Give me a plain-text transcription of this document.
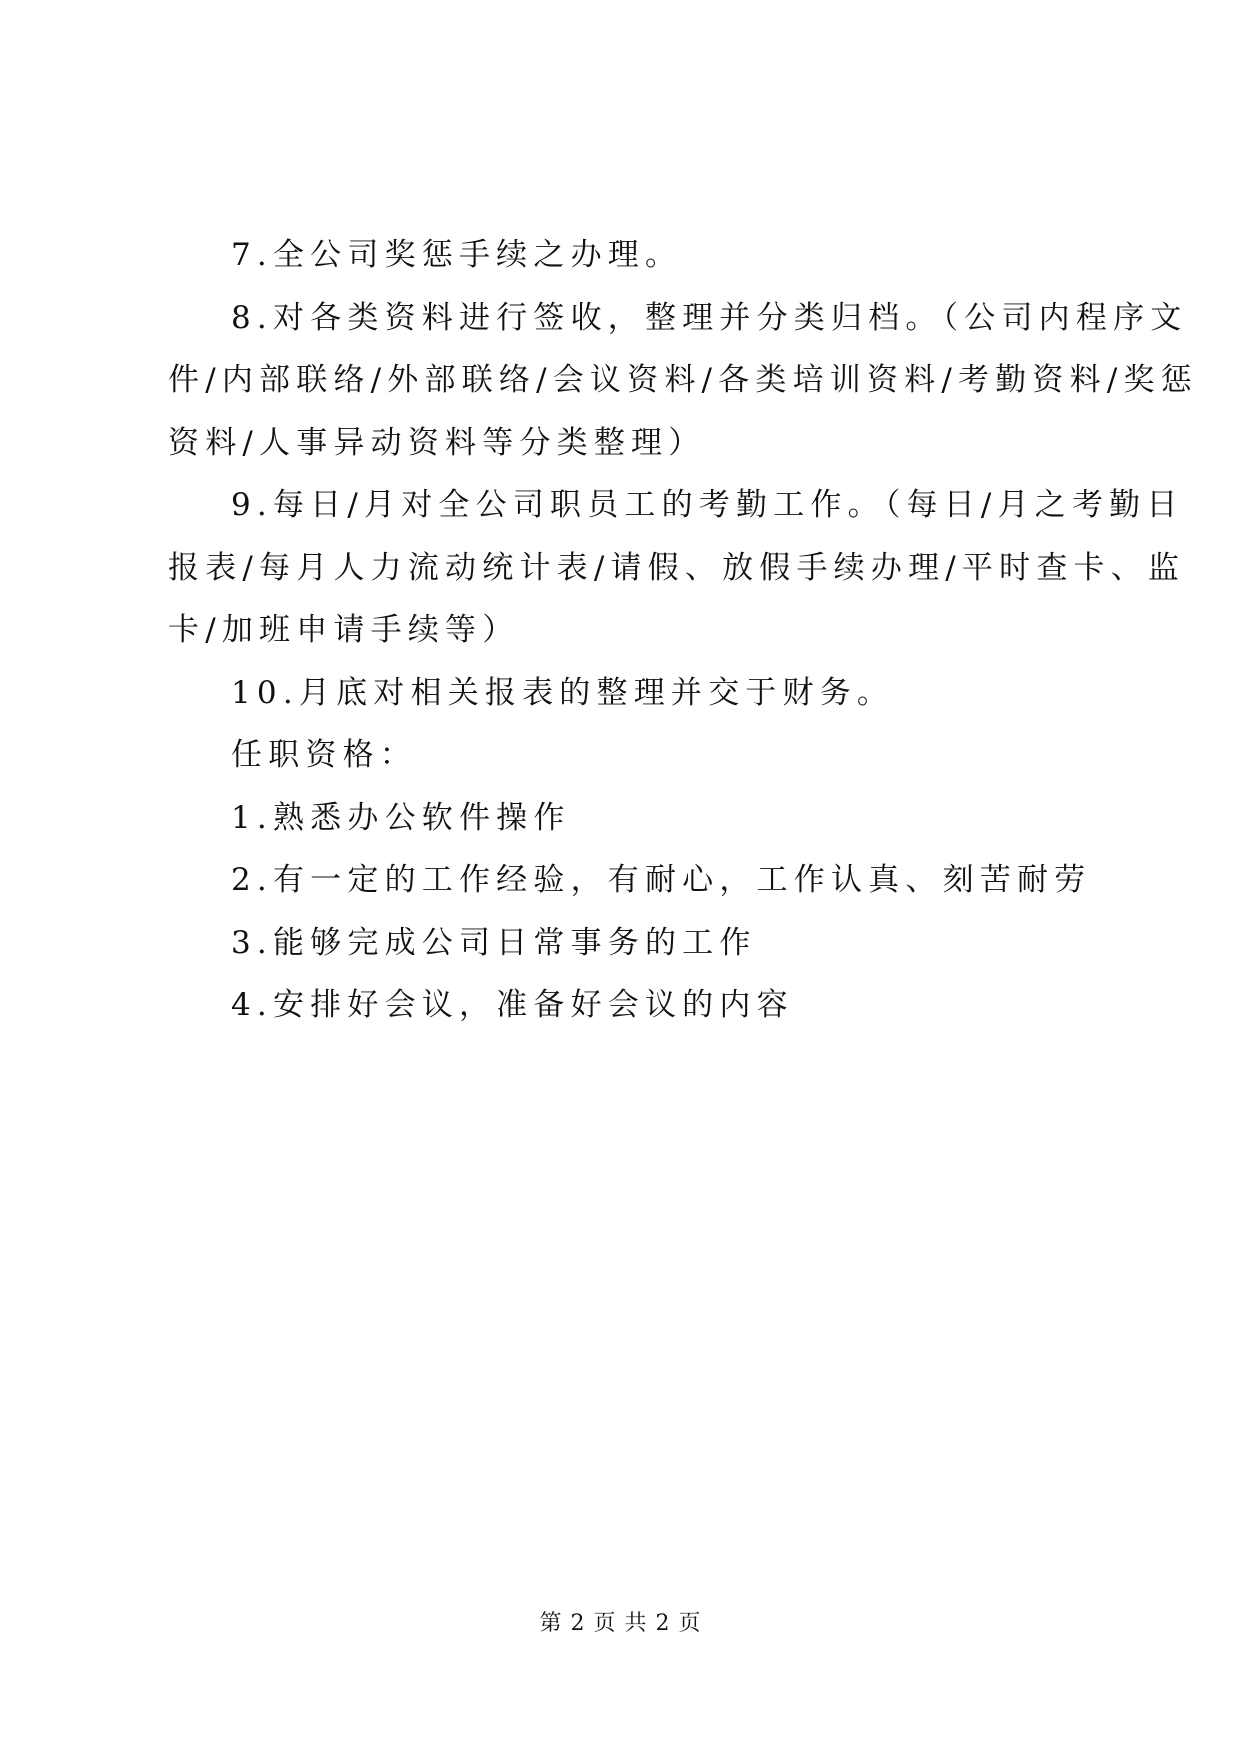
7.全公司奖惩手续之办理。
8.对各类资料进行签收，整理并分类归档。（公司内程序文
件/内部联络/外部联络/会议资料/各类培训资料/考勤资料/奖惩
资料/人事异动资料等分类整理）
9.每日/月对全公司职员工的考勤工作。（每日/月之考勤日
报表/每月人力流动统计表/请假、放假手续办理/平时查卡、监
卡/加班申请手续等）
10.月底对相关报表的整理并交于财务。
任职资格：
1.熟悉办公软件操作
2.有一定的工作经验，有耐心，工作认真、刻苦耐劳
3.能够完成公司日常事务的工作
4.安排好会议，准备好会议的内容
第 2 页 共 2 页
